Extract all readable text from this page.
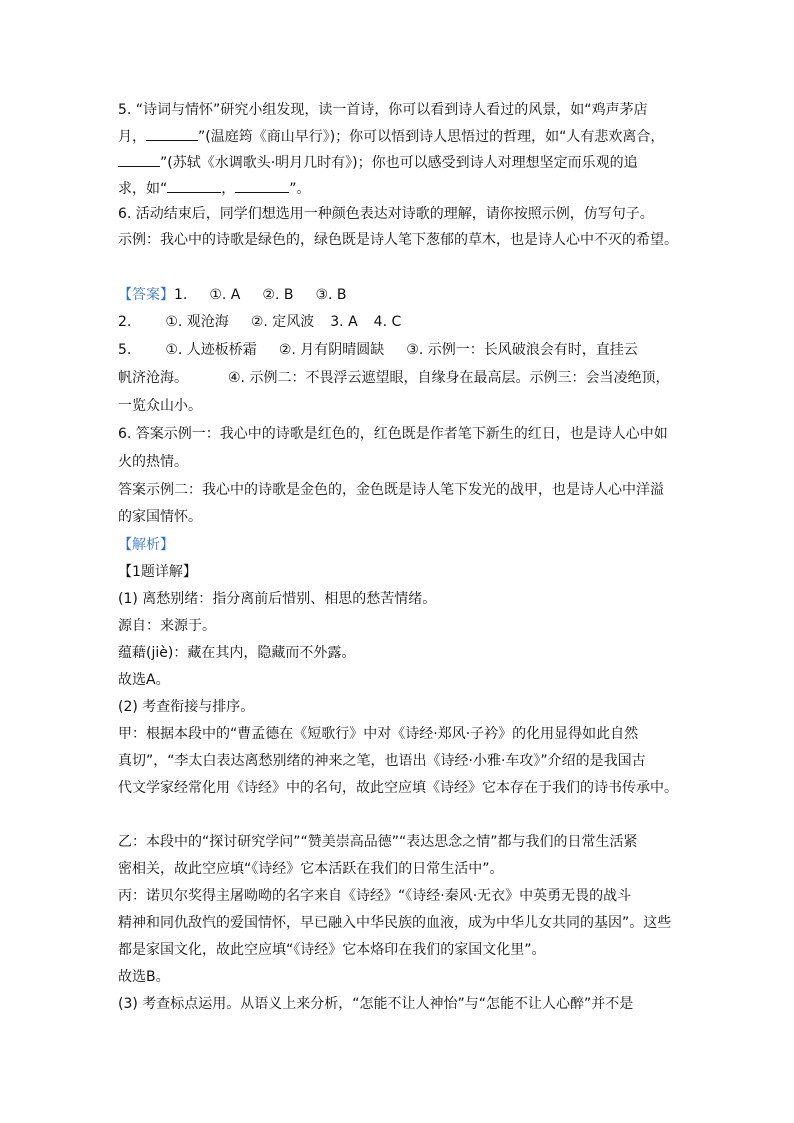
5. “诗词与情怀”研究小组发现，读一首诗，你可以看到诗人看过的风景，如“鸡声茅店
月，	”(温庭筠《商山早行》)；你可以悟到诗人思悟过的哲理，如“人有悲欢离合，
”(苏轼《水调歌头·明月几时有》)；你也可以感受到诗人对理想坚定而乐观的追
求，如“	，	”。
6. 活动结束后，同学们想选用一种颜色表达对诗歌的理解，请你按照示例，仿写句子。
示例：我心中的诗歌是绿色的，绿色既是诗人笔下葱郁的草木，也是诗人心中不灭的希望。
【答案】1. ①. A ②. B ③. B
2. ①. 观沧海 ②. 定风波 3. A 4. C
5. ①. 人迹板桥霜 ②. 月有阴晴圆缺 ③. 示例一：长风破浪会有时，直挂云
帆济沧海。	④. 示例二：不畏浮云遮望眼，自缘身在最高层。示例三：会当凌绝顶，
一览众山小。
6. 答案示例一：我心中的诗歌是红色的，红色既是作者笔下新生的红日，也是诗人心中如
火的热情。
答案示例二：我心中的诗歌是金色的，金色既是诗人笔下发光的战甲，也是诗人心中洋溢
的家国情怀。
【解析】
【1题详解】
(1) 离愁别绪：指分离前后惜别、相思的愁苦情绪。
源自：来源于。
蕴藉(jiè)：藏在其内，隐藏而不外露。
故选A。
(2) 考查衔接与排序。
甲：根据本段中的“曹孟德在《短歌行》中对《诗经·郑风·子衿》的化用显得如此自然
真切”，“李太白表达离愁别绪的神来之笔，也语出《诗经·小雅·车攻》”介绍的是我国古
代文学家经常化用《诗经》中的名句，故此空应填《诗经》它本存在于我们的诗书传承中。
乙：本段中的“探讨研究学问”“赞美崇高品德”“表达思念之情”都与我们的日常生活紧
密相关，故此空应填“《诗经》它本活跃在我们的日常生活中”。
丙：诺贝尔奖得主屠呦呦的名字来自《诗经》“《诗经·秦风·无衣》中英勇无畏的战斗
精神和同仇敌忾的爱国情怀，早已融入中华民族的血液，成为中华儿女共同的基因”。这些
都是家国文化，故此空应填“《诗经》它本烙印在我们的家国文化里”。
故选B。
(3) 考查标点运用。从语义上来分析，“怎能不让人神怡”与“怎能不让人心醉”并不是
